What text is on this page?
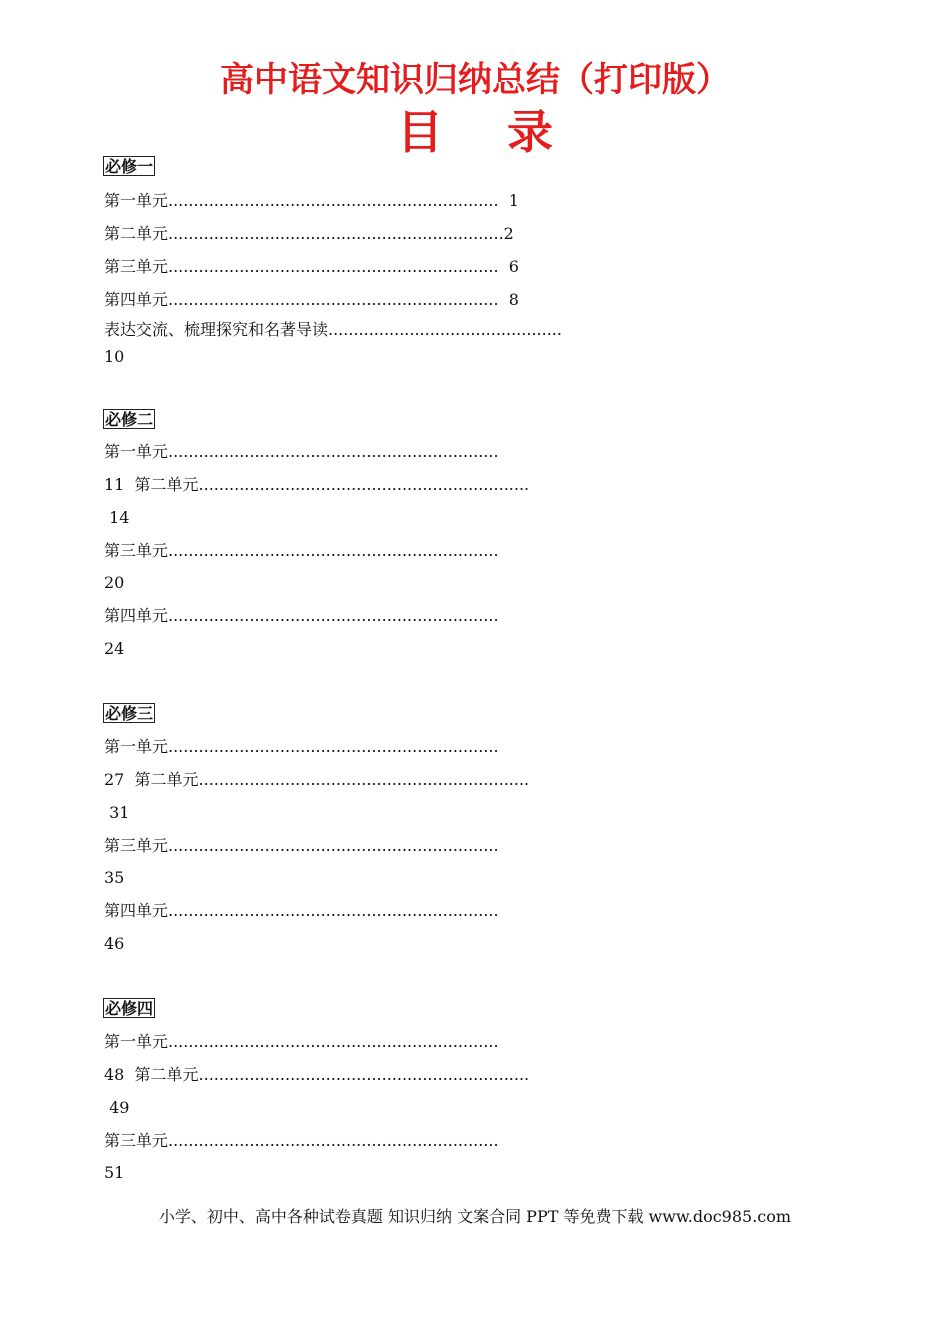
高中语文知识归纳总结（打印版）
目录
必修一
第一单元.................................................................  1
第二单元..................................................................2
第三单元.................................................................  6
第四单元.................................................................  8
表达交流、梳理探究和名著导读..............................................
10
必修二
第一单元.................................................................
11  第二单元.................................................................
14
第三单元.................................................................
20
第四单元.................................................................
24
必修三
第一单元.................................................................
27  第二单元.................................................................
31
第三单元.................................................................
35
第四单元.................................................................
46
必修四
第一单元.................................................................
48  第二单元.................................................................
49
第三单元.................................................................
51
小学、初中、高中各种试卷真题 知识归纳 文案合同 PPT 等免费下载 www.doc985.com
